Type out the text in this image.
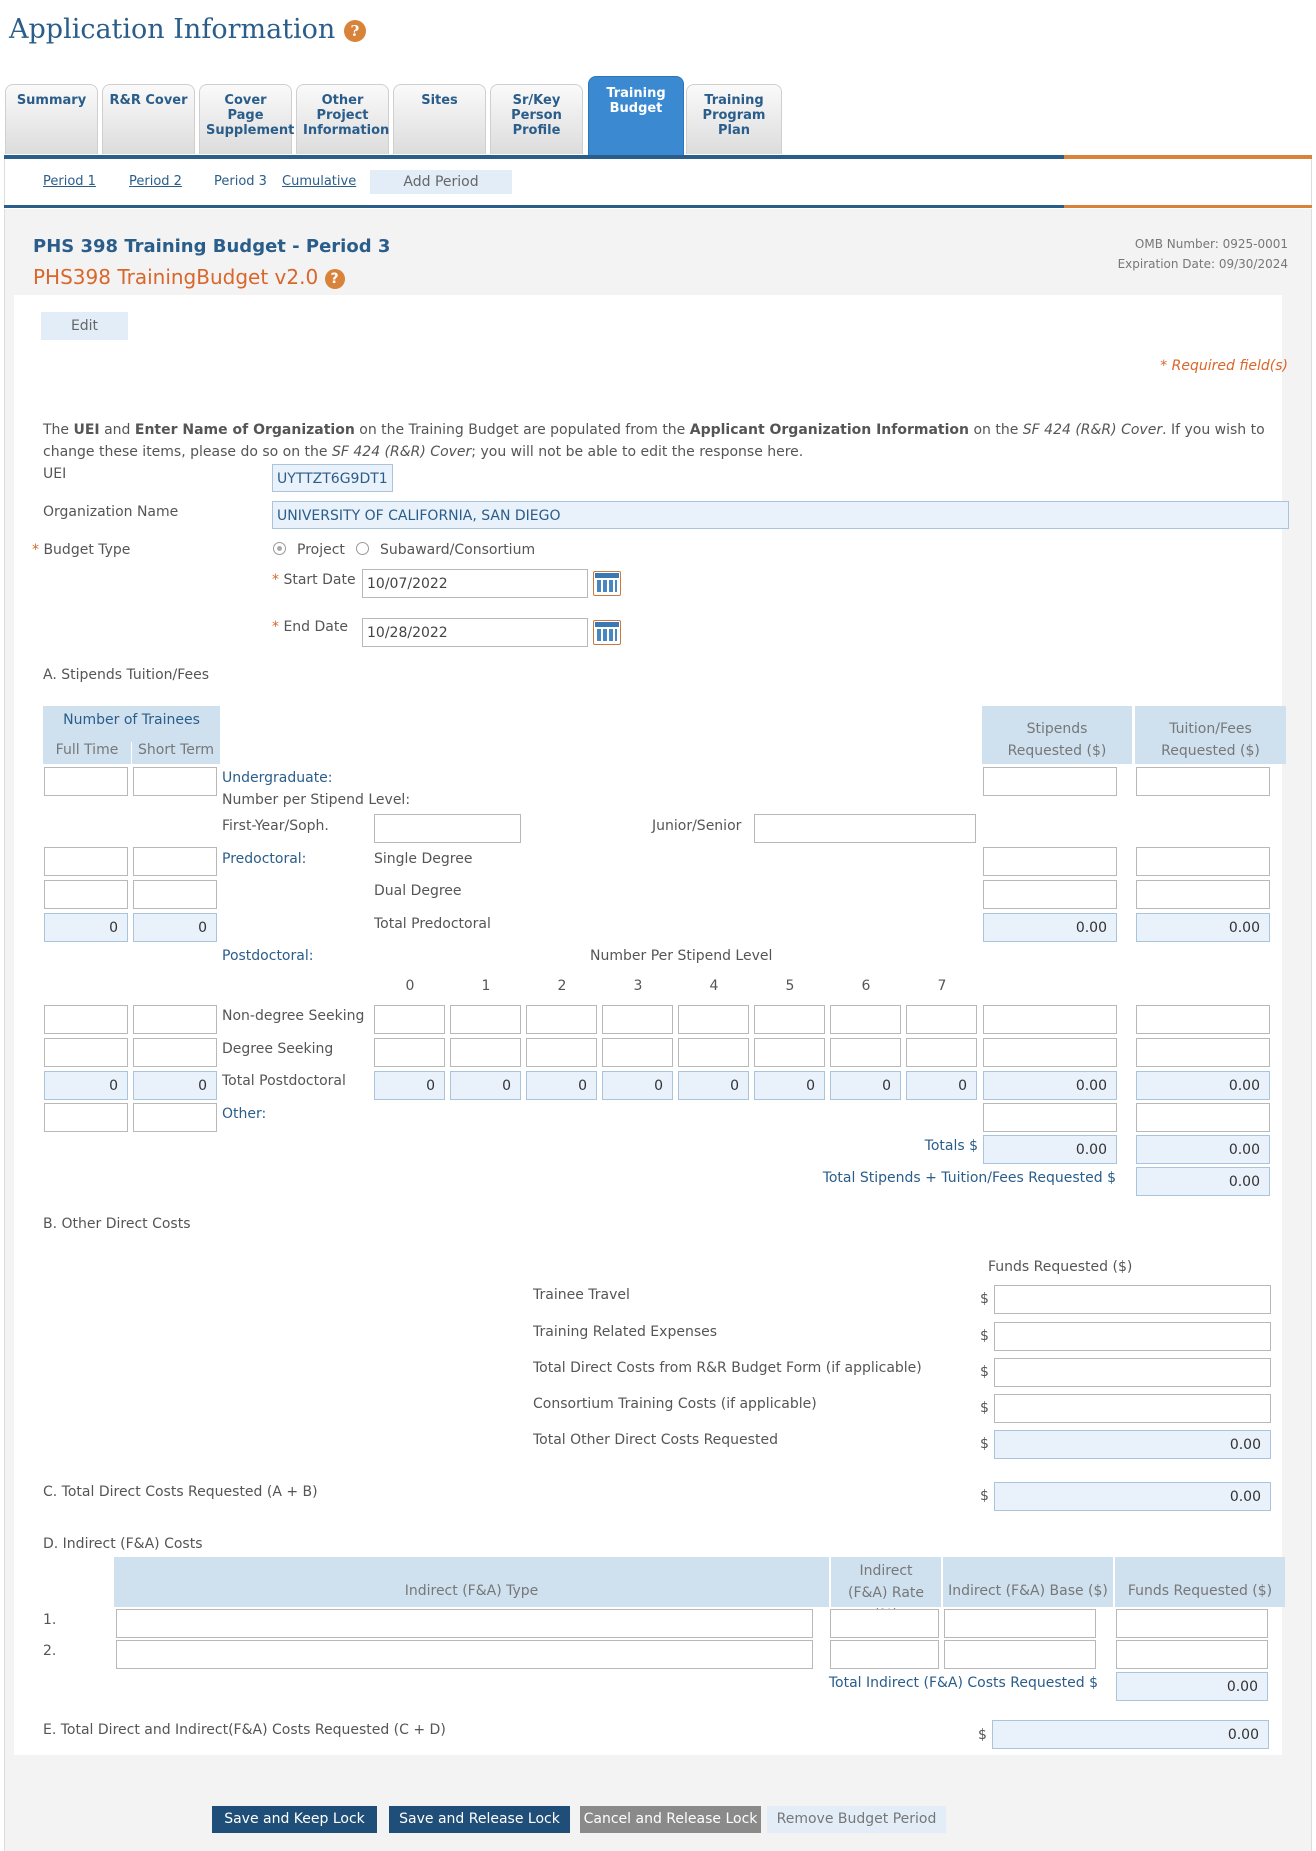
Application Information ?
Summary	R&R Cover	Cover Page Supplement
Other Project Information
Sites	Sr/Key Person Profile
Training Budget
Training Program Plan
Period 1	Period 2 Period 3 Cumulative	Add Period
PHS 398 Training Budget - Period 3
PHS398 TrainingBudget v2.0 ?
OMB Number: 0925-0001
Expiration Date: 09/30/2024
Edit
* Required field(s)
The UEI and Enter Name of Organization on the Training Budget are populated from the Applicant Organization Information on the SF 424 (R&R) Cover. If you wish to change these items, please do so on the SF 424 (R&R) Cover; you will not be able to edit the response here.
UEI	UYTTZT6G9DT1
Organization Name	UNIVERSITY OF CALIFORNIA, SAN DIEGO
* Budget Type	Project	Subaward/Consortium
* Start Date 10/07/2022
* End Date	10/28/2022
A. Stipends Tuition/Fees
Number of Trainees
Full Time	Short Term
Stipends Requested ($)
Tuition/Fees Requested ($)
Undergraduate:
Number per Stipend Level:
First-Year/Soph.	Junior/Senior
Predoctoral:	Single Degree
Dual Degree
0	0	Total Predoctoral	0.00	0.00
Postdoctoral:	Number Per Stipend Level
0	1	2	3	4	5	6	7
Non-degree Seeking
Degree Seeking
0	0	Total Postdoctoral	0	0	0	0	0	0	0	0	0.00	0.00
Other:
Totals $	0.00	0.00
Total Stipends + Tuition/Fees Requested $	0.00
B. Other Direct Costs
Funds Requested ($)
Trainee Travel	$
Training Related Expenses	$
Total Direct Costs from R&R Budget Form (if applicable)	$
Consortium Training Costs (if applicable)	$
Total Other Direct Costs Requested	$	0.00
C. Total Direct Costs Requested (A + B)	$	0.00
D. Indirect (F&A) Costs
Indirect (F&A) Type
Indirect (F&A) Rate	Indirect (F&A) Base ($)	Funds Requested ($)
1.
2.
Total Indirect (F&A) Costs Requested $	0.00
E. Total Direct and Indirect(F&A) Costs Requested (C + D)	$	0.00
Save and Keep Lock	Save and Release Lock	Cancel and Release Lock	Remove Budget Period
